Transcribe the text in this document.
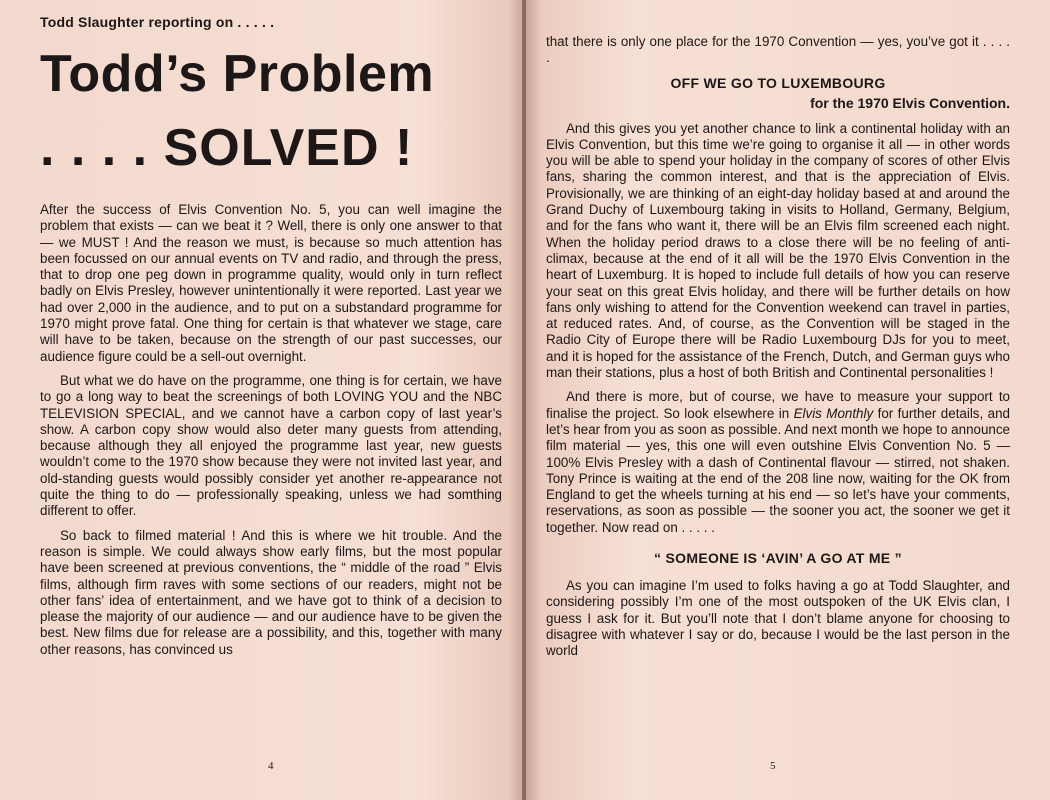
Todd Slaughter reporting on . . . . .
Todd’s Problem
. . . . SOLVED !

After the success of Elvis Convention No. 5, you can well imagine the problem that exists — can we beat it ? Well, there is only one answer to that — we MUST ! And the reason we must, is because so much attention has been focussed on our annual events on TV and radio, and through the press, that to drop one peg down in programme quality, would only in turn reflect badly on Elvis Presley, however unintentionally it were reported. Last year we had over 2,000 in the audience, and to put on a substandard programme for 1970 might prove fatal. One thing for certain is that whatever we stage, care will have to be taken, because on the strength of our past successes, our audience figure could be a sell-out overnight.

But what we do have on the programme, one thing is for certain, we have to go a long way to beat the screenings of both LOVING YOU and the NBC TELEVISION SPECIAL, and we cannot have a carbon copy of last year’s show. A carbon copy show would also deter many guests from attending, because although they all enjoyed the programme last year, new guests wouldn’t come to the 1970 show because they were not invited last year, and old-standing guests would possibly consider yet another re-appearance not quite the thing to do — professionally speaking, unless we had somthing different to offer.

So back to filmed material ! And this is where we hit trouble. And the reason is simple. We could always show early films, but the most popular have been screened at previous conventions, the “ middle of the road ” Elvis films, although firm raves with some sections of our readers, might not be other fans’ idea of entertainment, and we have got to think of a decision to please the majority of our audience — and our audience have to be given the best. New films due for release are a possibility, and this, together with many other reasons, has convinced us

4

that there is only one place for the 1970 Convention — yes, you’ve got it . . . . .

OFF WE GO TO LUXEMBOURG
for the 1970 Elvis Convention.

And this gives you yet another chance to link a continental holiday with an Elvis Convention, but this time we’re going to organise it all — in other words you will be able to spend your holiday in the company of scores of other Elvis fans, sharing the common interest, and that is the appreciation of Elvis. Provisionally, we are thinking of an eight-day holiday based at and around the Grand Duchy of Luxembourg taking in visits to Holland, Germany, Belgium, and for the fans who want it, there will be an Elvis film screened each night. When the holiday period draws to a close there will be no feeling of anti-climax, because at the end of it all will be the 1970 Elvis Convention in the heart of Luxemburg. It is hoped to include full details of how you can reserve your seat on this great Elvis holiday, and there will be further details on how fans only wishing to attend for the Convention weekend can travel in parties, at reduced rates. And, of course, as the Convention will be staged in the Radio City of Europe there will be Radio Luxembourg DJs for you to meet, and it is hoped for the assistance of the French, Dutch, and German guys who man their stations, plus a host of both British and Continental personalities !

And there is more, but of course, we have to measure your support to finalise the project. So look elsewhere in Elvis Monthly for further details, and let’s hear from you as soon as possible. And next month we hope to announce film material — yes, this one will even outshine Elvis Convention No. 5 — 100% Elvis Presley with a dash of Continental flavour — stirred, not shaken. Tony Prince is waiting at the end of the 208 line now, waiting for the OK from England to get the wheels turning at his end — so let’s have your comments, reservations, as soon as possible — the sooner you act, the sooner we get it together. Now read on . . . . .

“ SOMEONE IS ‘AVIN’ A GO AT ME ”

As you can imagine I’m used to folks having a go at Todd Slaughter, and considering possibly I’m one of the most outspoken of the UK Elvis clan, I guess I ask for it. But you’ll note that I don’t blame anyone for choosing to disagree with whatever I say or do, because I would be the last person in the world

5
